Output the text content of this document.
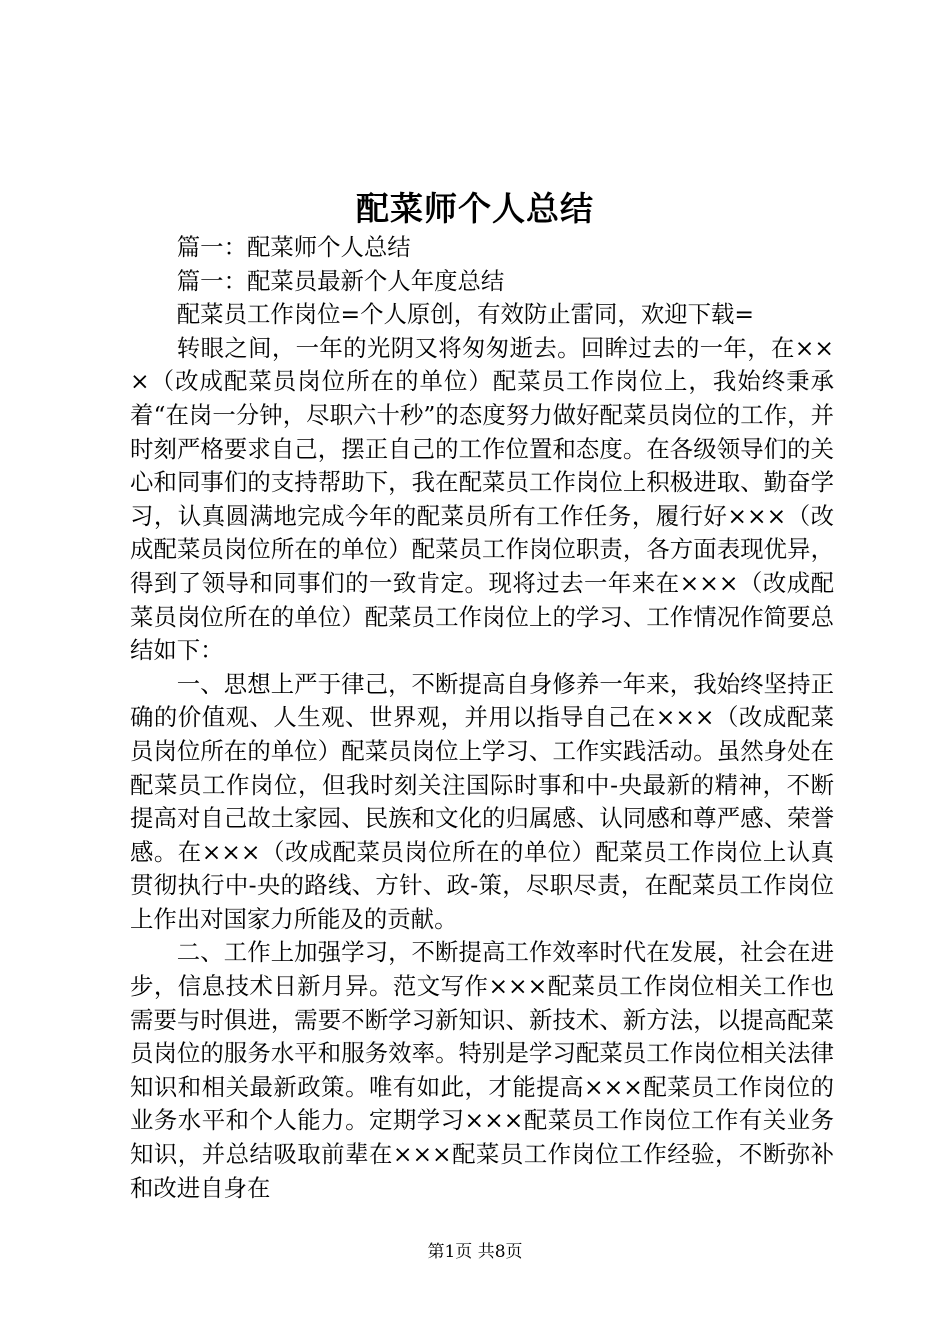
配菜师个人总结

篇一：配菜师个人总结

篇一：配菜员最新个人年度总结

配菜员工作岗位=个人原创，有效防止雷同，欢迎下载=

转眼之间，一年的光阴又将匆匆逝去。回眸过去的一年，在×××（改成配菜员岗位所在的单位）配菜员工作岗位上，我始终秉承着“在岗一分钟，尽职六十秒”的态度努力做好配菜员岗位的工作，并时刻严格要求自己，摆正自己的工作位置和态度。在各级领导们的关心和同事们的支持帮助下，我在配菜员工作岗位上积极进取、勤奋学习，认真圆满地完成今年的配菜员所有工作任务，履行好×××（改成配菜员岗位所在的单位）配菜员工作岗位职责，各方面表现优异，得到了领导和同事们的一致肯定。现将过去一年来在×××（改成配菜员岗位所在的单位）配菜员工作岗位上的学习、工作情况作简要总结如下：

一、思想上严于律己，不断提高自身修养一年来，我始终坚持正确的价值观、人生观、世界观，并用以指导自己在×××（改成配菜员岗位所在的单位）配菜员岗位上学习、工作实践活动。虽然身处在配菜员工作岗位，但我时刻关注国际时事和中-央最新的精神，不断提高对自己故土家园、民族和文化的归属感、认同感和尊严感、荣誉感。在×××（改成配菜员岗位所在的单位）配菜员工作岗位上认真贯彻执行中-央的路线、方针、政-策，尽职尽责，在配菜员工作岗位上作出对国家力所能及的贡献。

二、工作上加强学习，不断提高工作效率时代在发展，社会在进步，信息技术日新月异。范文写作×××配菜员工作岗位相关工作也需要与时俱进，需要不断学习新知识、新技术、新方法，以提高配菜员岗位的服务水平和服务效率。特别是学习配菜员工作岗位相关法律知识和相关最新政策。唯有如此，才能提高×××配菜员工作岗位的业务水平和个人能力。定期学习×××配菜员工作岗位工作有关业务知识，并总结吸取前辈在×××配菜员工作岗位工作经验，不断弥补和改进自身在

第1页 共8页
